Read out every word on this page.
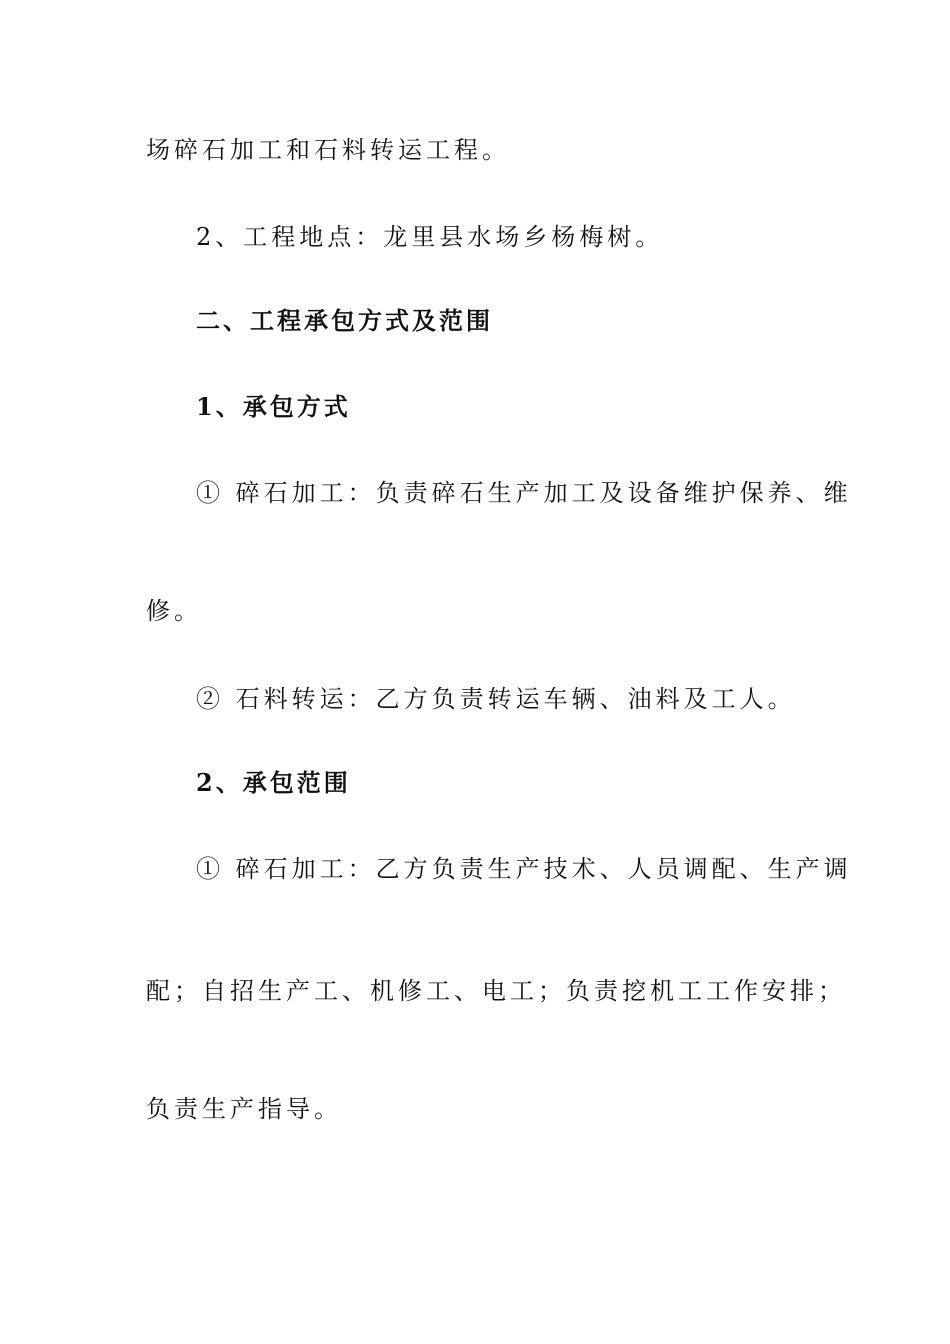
场碎石加工和石料转运工程。
2、工程地点：龙里县水场乡杨梅树。
二、工程承包方式及范围
1、承包方式
① 碎石加工：负责碎石生产加工及设备维护保养、维
修。
② 石料转运：乙方负责转运车辆、油料及工人。
2、承包范围
① 碎石加工：乙方负责生产技术、人员调配、生产调
配；自招生产工、机修工、电工；负责挖机工工作安排；
负责生产指导。
